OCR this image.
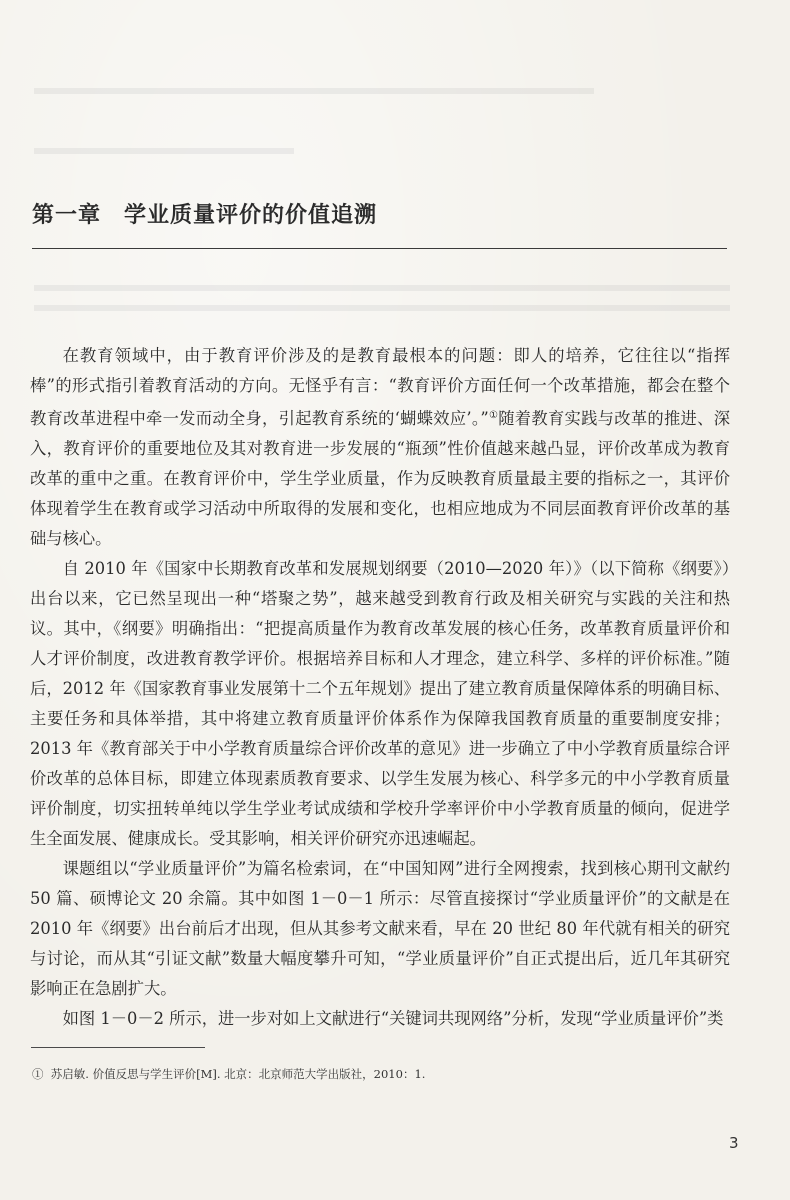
第一章　学业质量评价的价值追溯

在教育领域中，由于教育评价涉及的是教育最根本的问题：即人的培养，它往往以“指挥棒”的形式指引着教育活动的方向。无怪乎有言：“教育评价方面任何一个改革措施，都会在整个教育改革进程中牵一发而动全身，引起教育系统的‘蝴蝶效应’。”①随着教育实践与改革的推进、深入，教育评价的重要地位及其对教育进一步发展的“瓶颈”性价值越来越凸显，评价改革成为教育改革的重中之重。在教育评价中，学生学业质量，作为反映教育质量最主要的指标之一，其评价体现着学生在教育或学习活动中所取得的发展和变化，也相应地成为不同层面教育评价改革的基础与核心。

自 2010 年《国家中长期教育改革和发展规划纲要（2010—2020 年）》（以下简称《纲要》）出台以来，它已然呈现出一种“塔聚之势”，越来越受到教育行政及相关研究与实践的关注和热议。其中，《纲要》明确指出：“把提高质量作为教育改革发展的核心任务，改革教育质量评价和人才评价制度，改进教育教学评价。根据培养目标和人才理念，建立科学、多样的评价标准。”随后，2012 年《国家教育事业发展第十二个五年规划》提出了建立教育质量保障体系的明确目标、主要任务和具体举措，其中将建立教育质量评价体系作为保障我国教育质量的重要制度安排；2013 年《教育部关于中小学教育质量综合评价改革的意见》进一步确立了中小学教育质量综合评价改革的总体目标，即建立体现素质教育要求、以学生发展为核心、科学多元的中小学教育质量评价制度，切实扭转单纯以学生学业考试成绩和学校升学率评价中小学教育质量的倾向，促进学生全面发展、健康成长。受其影响，相关评价研究亦迅速崛起。

课题组以“学业质量评价”为篇名检索词，在“中国知网”进行全网搜索，找到核心期刊文献约 50 篇、硕博论文 20 余篇。其中如图 1－0－1 所示：尽管直接探讨“学业质量评价”的文献是在 2010 年《纲要》出台前后才出现，但从其参考文献来看，早在 20 世纪 80 年代就有相关的研究与讨论，而从其“引证文献”数量大幅度攀升可知，“学业质量评价”自正式提出后，近几年其研究影响正在急剧扩大。

如图 1－0－2 所示，进一步对如上文献进行“关键词共现网络”分析，发现“学业质量评价”类

①  苏启敏. 价值反思与学生评价[M]. 北京：北京师范大学出版社，2010：1.
3
